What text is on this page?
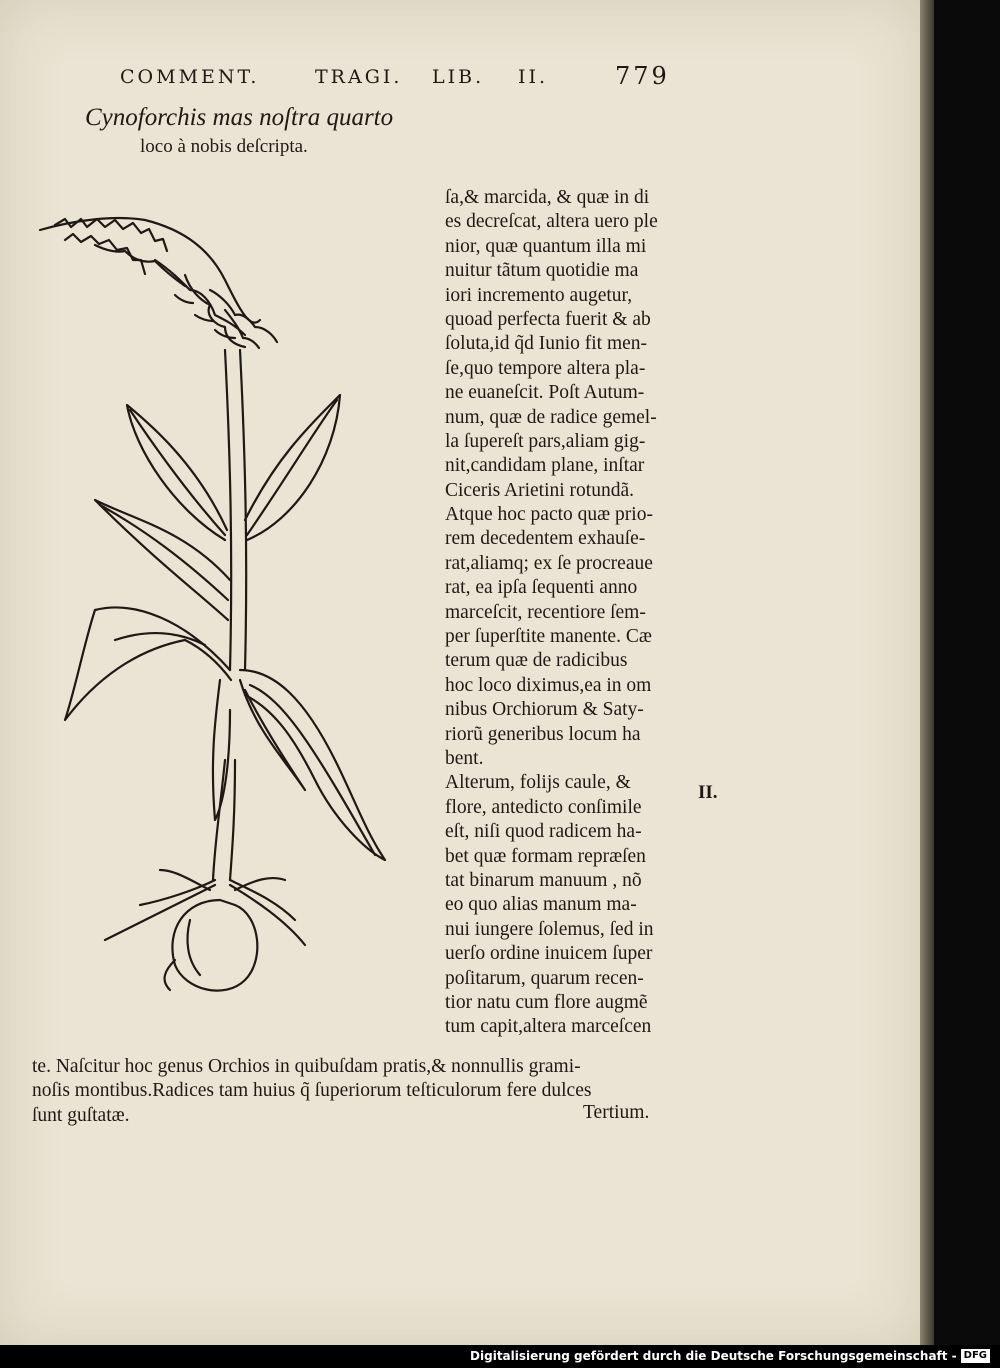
COMMENT.	TRAGI. LIB. II.	779
Cynoforchis mas noſtra quarto
loco à nobis deſcripta.
ſa,& marcida, & quæ in di
es decreſcat, altera uero ple
nior, quæ quantum illa mi
nuitur tãtum quotidie ma
iori incremento augetur,
quoad perfecta fuerit & ab
ſoluta,id q̃d Iunio fit men-
ſe,quo tempore altera pla-
ne euaneſcit. Poſt Autum-
num, quæ de radice gemel-
la ſupereſt pars,aliam gig-
nit,candidam plane, inſtar
Ciceris Arietini rotundã.
Atque hoc pacto quæ prio-
rem decedentem exhauſe-
rat,aliamq; ex ſe procreaue
rat, ea ipſa ſequenti anno
marceſcit, recentiore ſem-
per ſuperſtite manente. Cæ
terum quæ de radicibus
hoc loco diximus,ea in om
nibus Orchiorum & Saty-
riorũ generibus locum ha
bent.
Alterum, folijs caule, &
flore, antedicto conſimile
eſt, niſi quod radicem ha-
bet quæ formam repræſen
tat binarum manuum , nõ
eo quo alias manum ma-
nui iungere ſolemus, ſed in
uerſo ordine inuicem ſuper
poſitarum, quarum recen-
tior natu cum flore augmẽ
tum capit,altera marceſcen
II.
te. Naſcitur hoc genus Orchios in quibuſdam pratis,& nonnullis grami-
noſis montibus.Radices tam huius q̃ ſuperiorum teſticulorum fere dulces
ſunt guſtatæ.	Tertium.
Digitalisierung gefördert durch die Deutsche Forschungsgemeinschaft - DFG
